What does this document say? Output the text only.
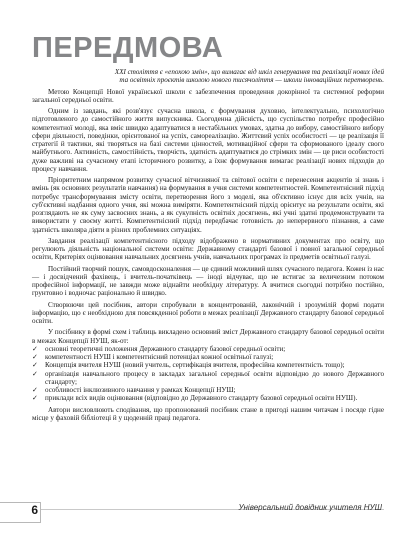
ПЕРЕДМОВА

XXI століття є «епохою змін», що вимагає від шкіл генерування та реалізації нових ідей
та освітніх проєктів школою нового тисячоліття — школи інноваційних перетворень.

Метою Концепції Нової української школи є забезпечення проведення докорінної та системної реформи загальної середньої освіти.

Одним із завдань, які розв'язує сучасна школа, є формування духовно, інтелектуально, психологічно підготовленого до самостійного життя випускника. Сьогоденна дійсність, що суспільство потребує професійно компетентної молоді, яка вміє швидко адаптуватися в нестабільних умовах, здатна до вибору, самостійного вибору сфери діяльності, поведінки, орієнтованої на успіх, самореалізацію. Життєвий успіх особистості — це реалізація її стратегії й тактики, які творяться на базі системи цінностей, мотиваційної сфери та сформованого ідеалу свого майбутнього. Активність, самостійність, творчість, здатність адаптуватися до стрімких змін — це риси особистості дуже важливі на сучасному етапі історичного розвитку, а їхнє формування вимагає реалізації нових підходів до процесу навчання.

Пріоритетним напрямом розвитку сучасної вітчизняної та світової освіти є перенесення акцентів зі знань і вмінь (як основних результатів навчання) на формування в учня системи компетентностей. Компетентнісний підхід потребує трансформування змісту освіти, перетворення його з моделі, яка об'єктивно існує для всіх учнів, на суб'єктивні надбання одного учня, які можна виміряти. Компетентнісний підхід орієнтує на результати освіти, які розглядають не як суму засвоєних знань, а як сукупність освітніх досягнень, які учні здатні продемонструвати та використати у своєму житті. Компетентнісний підхід передбачає готовність до неперервного пізнання, а саме здатність школяра діяти в різних проблемних ситуаціях.

Завдання реалізації компетентнісного підходу відображено в нормативних документах про освіту, що регулюють діяльність національної системи освіти: Державному стандарті базової і повної загальної середньої освіти, Критеріях оцінювання навчальних досягнень учнів, навчальних програмах із предметів освітньої галузі.

Постійний творчий пошук, самовдосконалення — це єдиний можливий шлях сучасного педагога. Кожен із нас — і досвідчений фахівець, і вчитель-початківець — іноді відчуває, що не встигає за величезним потоком професійної інформації, не завжди може віднайти необхідну літературу. А вчитися сьогодні потрібно постійно, грунтовно і водночас раціонально й швидко.

Створюючи цей посібник, автори спробували в концентрованій, лаконічній і зрозумілій формі подати інформацію, що є необхідною для повсякденної роботи в межах реалізації Державного стандарту базової середньої освіти.

У посібнику в формі схем і таблиць викладено основний зміст Державного стандарту базової середньої освіти в межах Концепції НУШ, як-от:

✓ основні теоретичні положення Державного стандарту базової середньої освіти;
✓ компетентності НУШ і компетентнісний потенціал кожної освітньої галузі;
✓ Концепція вчителя НУШ (новий учитель, сертифікація вчителя, професійна компетентність тощо);
✓ організація навчального процесу в закладах загальної середньої освіти відповідно до нового Державного стандарту;
✓ особливості інклюзивного навчання у рамках Концепції НУШ;
✓ приклади всіх видів оцінювання (відповідно до Державного стандарту базової середньої освіти НУШ).

Автори висловлюють сподівання, що пропонований посібник стане в пригоді нашим читачам і посяде гідне місце у фаховій бібліотеці й у щоденній праці педагога.

6	Універсальний довідник учителя НУШ
